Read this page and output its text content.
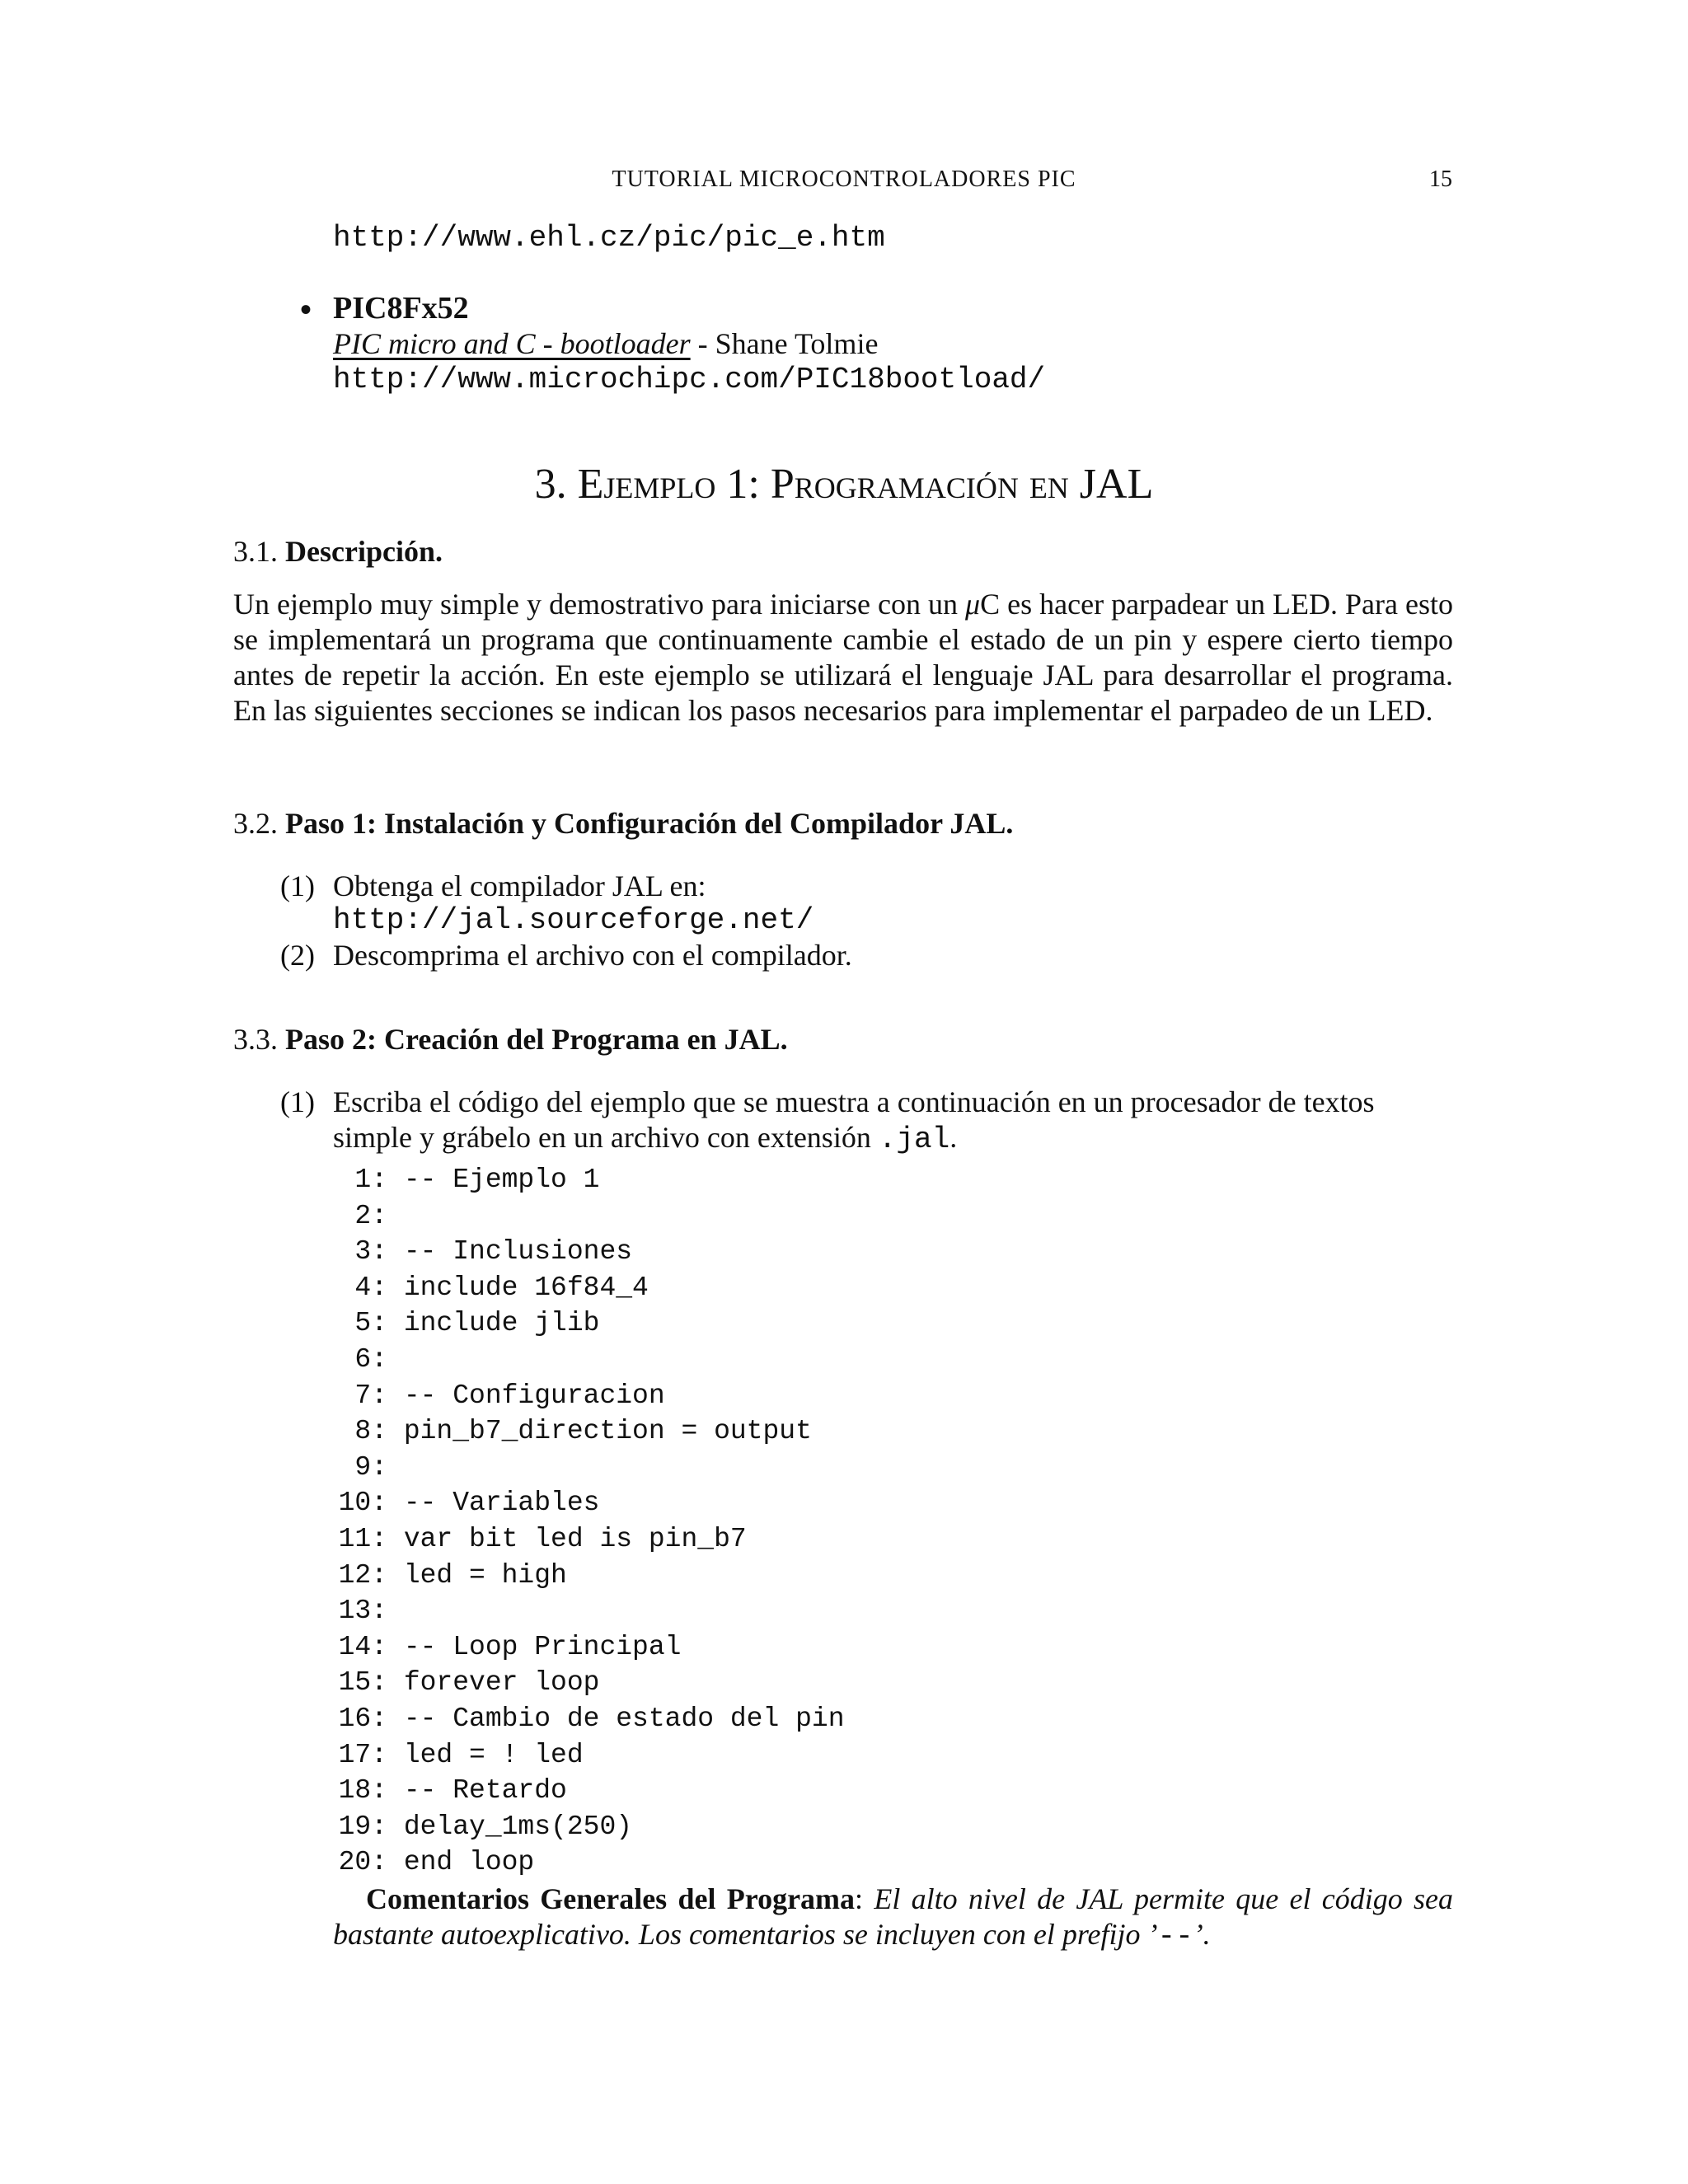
TUTORIAL MICROCONTROLADORES PIC	15
http://www.ehl.cz/pic/pic_e.htm
• PIC8Fx52
PIC micro and C - bootloader - Shane Tolmie
http://www.microchipc.com/PIC18bootload/
3. Ejemplo 1: Programación en JAL
3.1. Descripción.

Un ejemplo muy simple y demostrativo para iniciarse con un μC es hacer parpadear un LED. Para esto se implementará un programa que continuamente cambie el estado de un pin y espere cierto tiempo antes de repetir la acción. En este ejemplo se utilizará el lenguaje JAL para desarrollar el programa. En las siguientes secciones se indican los pasos necesarios para implementar el parpadeo de un LED.

3.2. Paso 1: Instalación y Configuración del Compilador JAL.
(1) Obtenga el compilador JAL en:
http://jal.sourceforge.net/
(2) Descomprima el archivo con el compilador.
3.3. Paso 2: Creación del Programa en JAL.
(1) Escriba el código del ejemplo que se muestra a continuación en un procesador de textos
simple y grábelo en un archivo con extensión .jal.
1: -- Ejemplo 1
2:
3: -- Inclusiones
4: include 16f84_4
5: include jlib
6:
7: -- Configuracion
8: pin_b7_direction = output
9:
10: -- Variables
11: var bit led is pin_b7
12: led = high
13:
14: -- Loop Principal
15: forever loop
16: -- Cambio de estado del pin
17: led = ! led
18: -- Retardo
19: delay_1ms(250)
20: end loop

Comentarios Generales del Programa: El alto nivel de JAL permite que el código sea bastante autoexplicativo. Los comentarios se incluyen con el prefijo ’--’.
